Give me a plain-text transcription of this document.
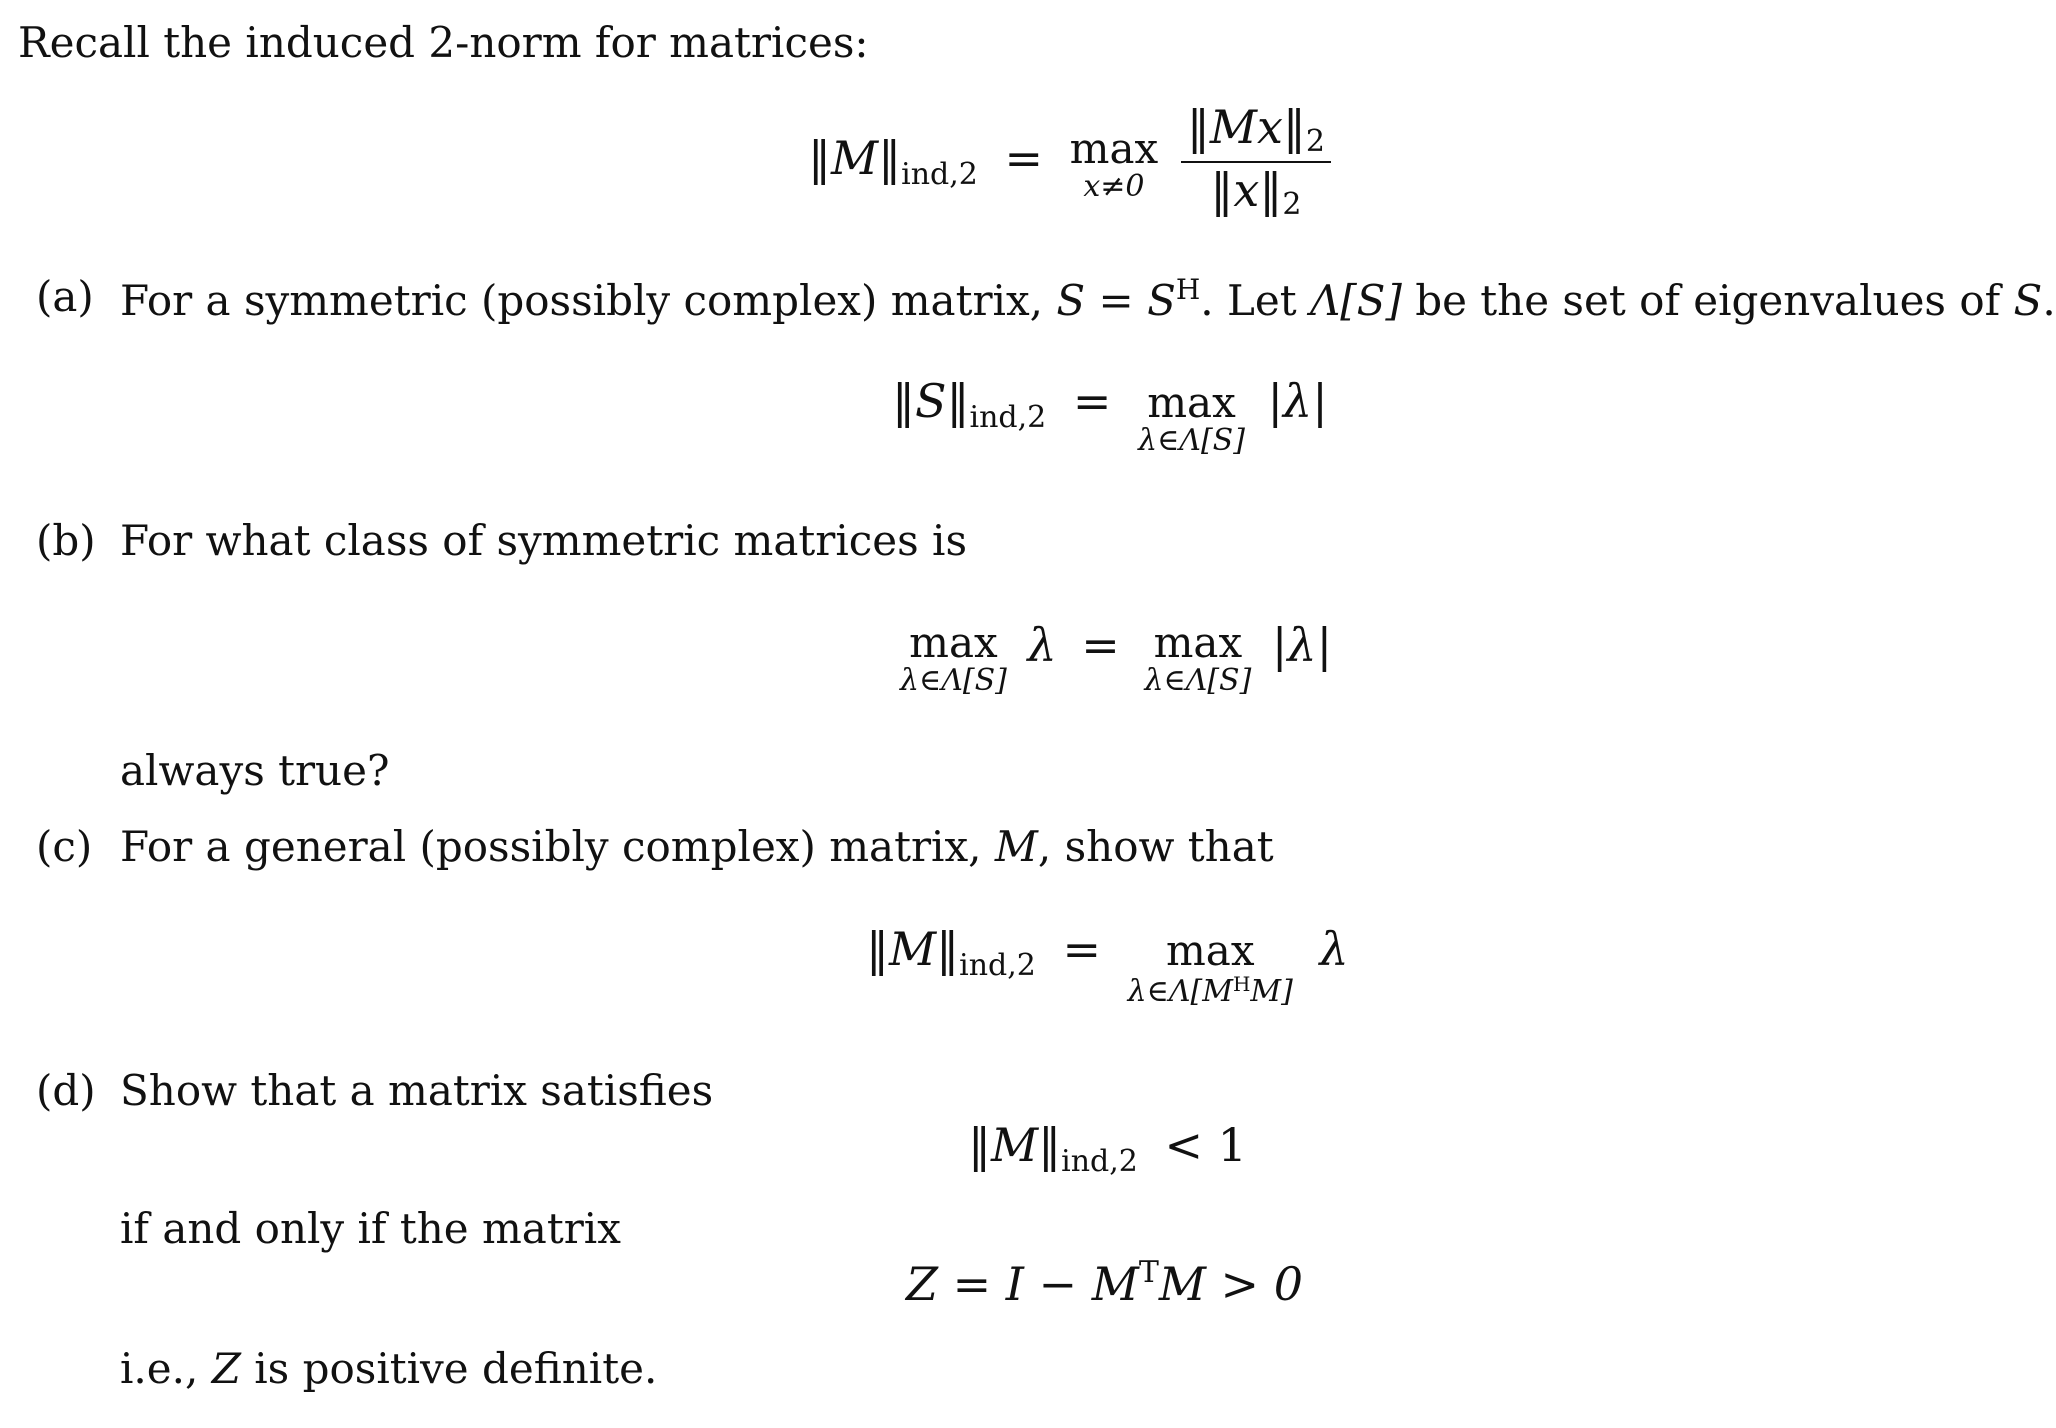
Recall the induced 2-norm for matrices:
$‖M‖_{ind,2} = \max$
x≠0
$\frac{‖Mx‖_2}{‖x‖_2}$
(a) For a symmetric (possibly complex) matrix, $S = S^H$. Let Λ[S] be the set of eigenvalues of S.
$‖S‖_{ind,2} = \max$
λ∈Λ[S]
|λ|
(b) For what class of symmetric matrices is
max
λ∈Λ[S]
λ = max
λ∈Λ[S]
|λ|
always true?
(c) For a general (possibly complex) matrix, M, show that
$‖M‖_{ind,2}$ =	max
$\lambda\in\Lambda[M^HM]$
λ
(d) Show that a matrix satisfies
$‖M‖_{ind,2} < 1$
if and only if the matrix
$Z = I - M^TM > 0$
i.e., Z is positive definite.
